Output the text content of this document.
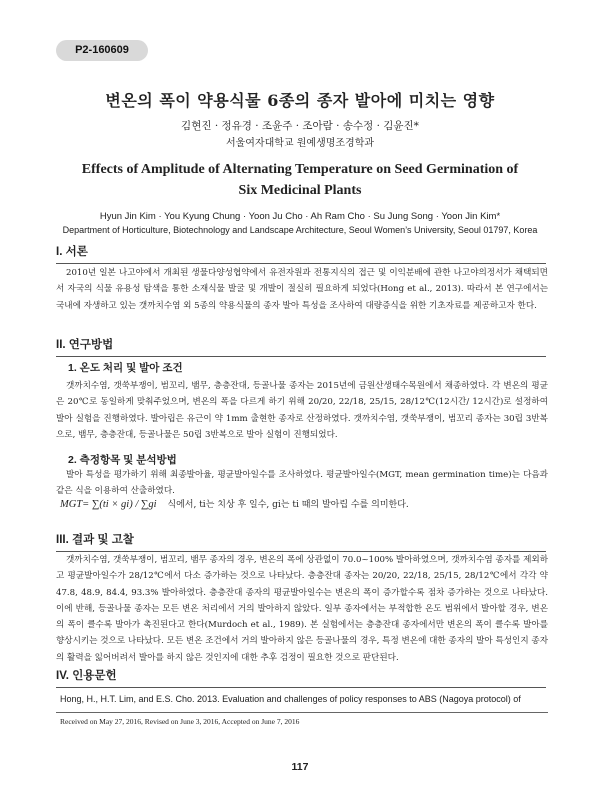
P2-160609
변온의 폭이 약용식물 6종의 종자 발아에 미치는 영향
김현진 · 정유경 · 조윤주 · 조아람 · 송수정 · 김윤진*
서울여자대학교 원예생명조경학과
Effects of Amplitude of Alternating Temperature on Seed Germination of
Six Medicinal Plants
Hyun Jin Kim · You Kyung Chung · Yoon Ju Cho · Ah Ram Cho · Su Jung Song · Yoon Jin Kim*
Department of Horticulture, Biotechnology and Landscape Architecture, Seoul Women’s University, Seoul 01797, Korea
I. 서론
2010년 일본 나고야에서 개최된 생물다양성협약에서 유전자원과 전통지식의 접근 및 이익분배에 관한 나고야의정서가 채택되면서 자국의 식물 유용성 탐색을 통한 소재식물 발굴 및 개발이 절실히 필요하게 되었다(Hong et al., 2013). 따라서 본 연구에서는 국내에 자생하고 있는 갯까치수염 외 5종의 약용식물의 종자 발아 특성을 조사하여 대량증식을 위한 기초자료를 제공하고자 한다.
II. 연구방법
1. 온도 처리 및 발아 조건
갯까치수염, 갯쑥부쟁이, 범꼬리, 뱀무, 층층잔대, 등골나물 종자는 2015년에 금원산생태수목원에서 채종하였다. 각 변온의 평균은 20℃로 동일하게 맞춰주었으며, 변온의 폭을 다르게 하기 위해 20/20, 22/18, 25/15, 28/12℃(12시간/ 12시간)로 설정하여 발아 실험을 진행하였다. 발아립은 유근이 약 1mm 출현한 종자로 산정하였다. 갯까치수염, 갯쑥부쟁이, 범꼬리 종자는 30립 3반복으로, 뱀무, 층층잔대, 등골나물은 50립 3반복으로 발아 실험이 진행되었다.
2. 측정항목 및 분석방법
발아 특성을 평가하기 위해 최종발아율, 평균발아일수를 조사하였다. 평균발아일수(MGT, mean germination time)는 다음과 같은 식을 이용하여 산출하였다.
MGT= ∑(ti × gi) / ∑gi 식에서, ti는 치상 후 일수, gi는 ti 때의 발아립 수를 의미한다.
III. 결과 및 고찰
갯까치수염, 갯쑥부쟁이, 범꼬리, 뱀무 종자의 경우, 변온의 폭에 상관없이 70.0~100% 발아하였으며, 갯까치수염 종자를 제외하고 평균발아일수가 28/12℃에서 다소 증가하는 것으로 나타났다. 층층잔대 종자는 20/20, 22/18, 25/15, 28/12℃에서 각각 약 47.8, 48.9, 84.4, 93.3% 발아하였다. 층층잔대 종자의 평균발아일수는 변온의 폭이 증가할수록 점차 증가하는 것으로 나타났다. 이에 반해, 등골나물 종자는 모든 변온 처리에서 거의 발아하지 않았다. 일부 종자에서는 부적합한 온도 범위에서 발아할 경우, 변온의 폭이 클수록 발아가 촉진된다고 한다(Murdoch et al., 1989). 본 실험에서는 층층잔대 종자에서만 변온의 폭이 클수록 발아를 향상시키는 것으로 나타났다. 모든 변온 조건에서 거의 발아하지 않은 등골나물의 경우, 특정 변온에 대한 종자의 발아 특성인지 종자의 활력을 잃어버려서 발아를 하지 않은 것인지에 대한 추후 검정이 필요한 것으로 판단된다.
IV. 인용문헌
Hong, H., H.T. Lim, and E.S. Cho. 2013. Evaluation and challenges of policy responses to ABS (Nagoya protocol) of
Received on May 27, 2016, Revised on June 3, 2016, Accepted on June 7, 2016
117
